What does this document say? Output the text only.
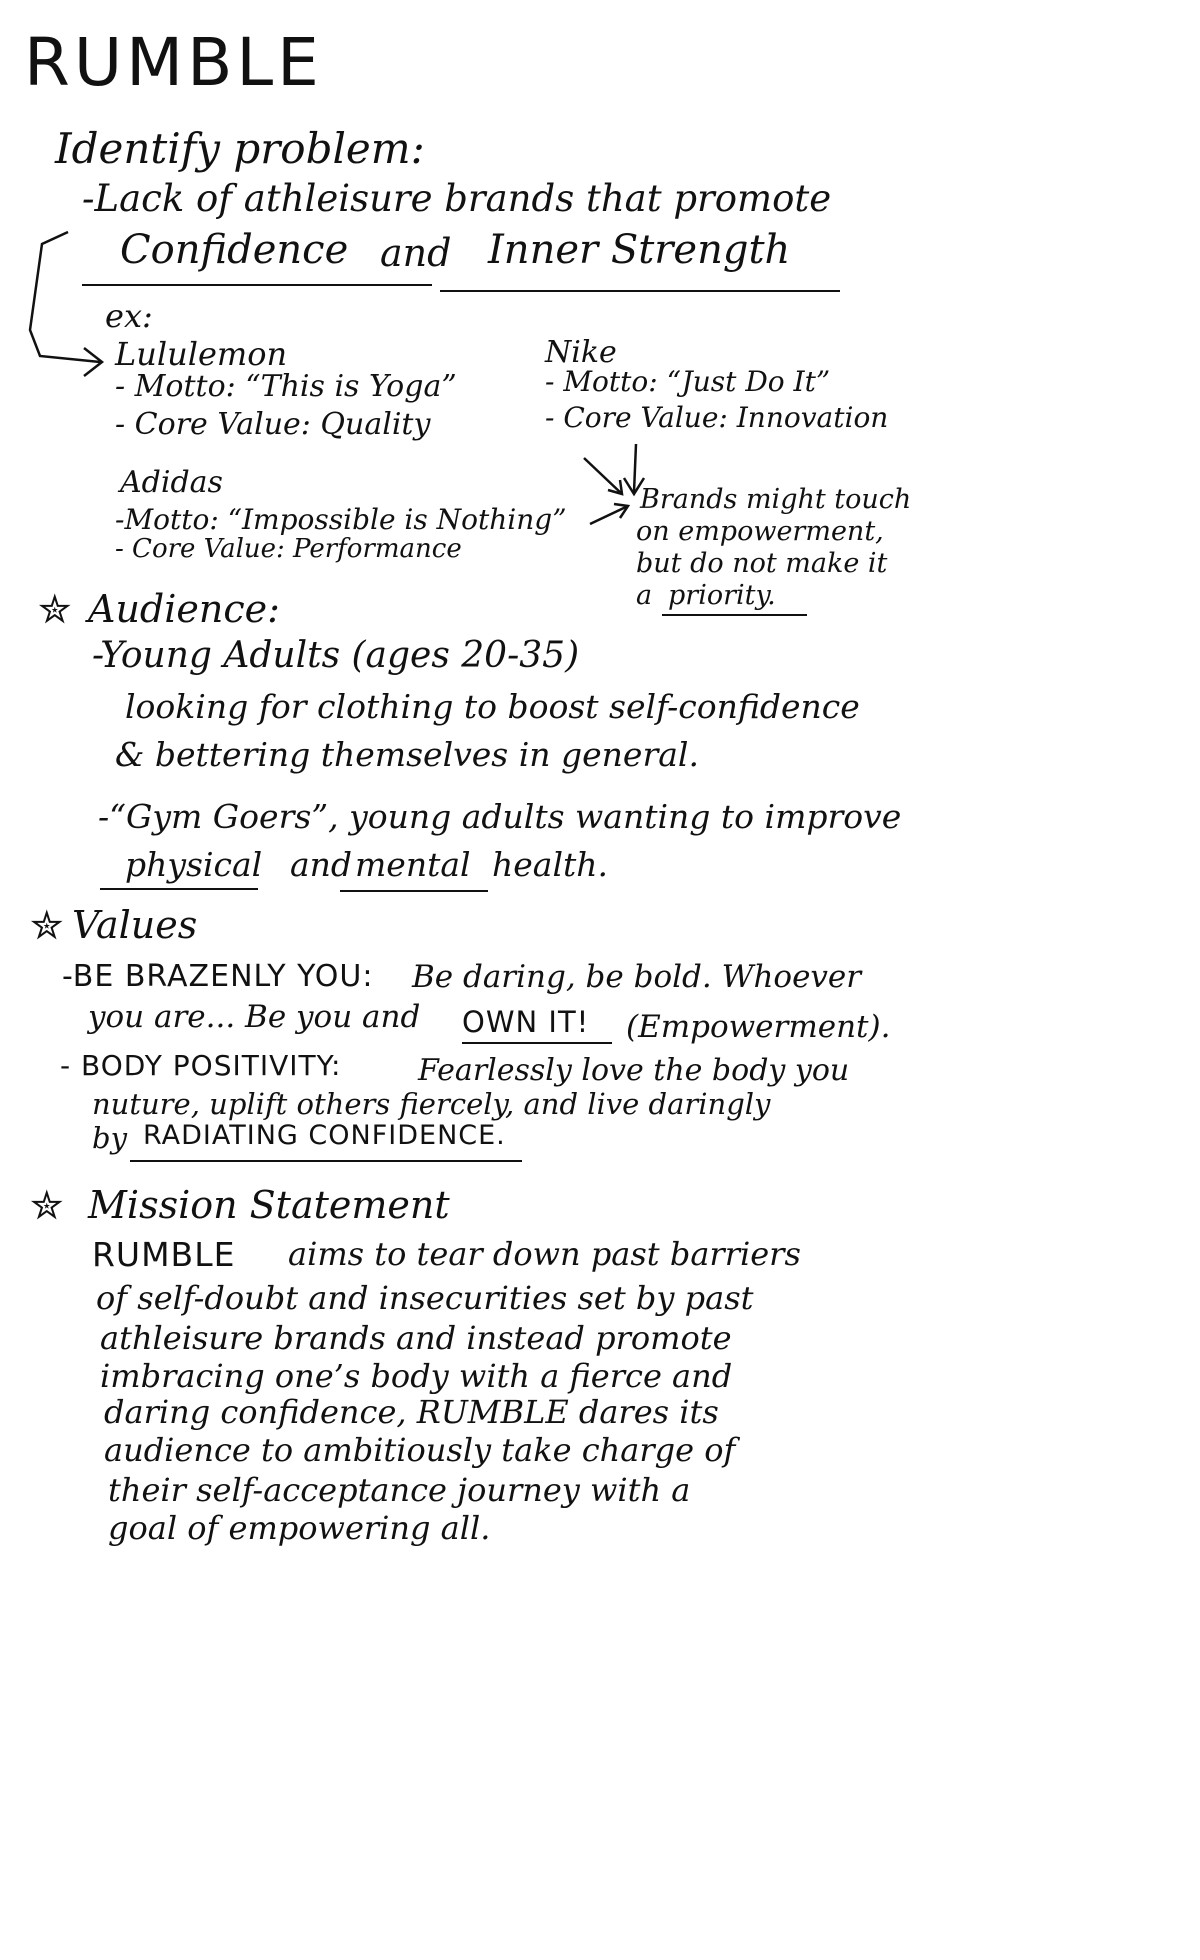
RUMBLE
Identify problem:
-Lack of athleisure brands that promote
Confidence and Inner Strength
ex:
Lululemon
- Motto: “This is Yoga”
- Core Value: Quality
Nike
- Motto: “Just Do It”
- Core Value: Innovation
Adidas
-Motto: “Impossible is Nothing”
- Core Value: Performance
Brands might touch
on empowerment,
but do not make it
a priority.
✮ Audience:
-Young Adults (ages 20-35)
looking for clothing to boost self-confidence
& bettering themselves in general.
-“Gym Goers”, young adults wanting to improve
physical and mental health.
✮ Values
-BE BRAZENLY YOU: Be daring, be bold. Whoever
you are... Be you and OWN IT! (Empowerment).
- BODY POSITIVITY:	Fearlessly love the body you
nuture, uplift others fiercely, and live daringly
by RADIATING CONFIDENCE.
✮ Mission Statement
RUMBLE aims to tear down past barriers
of self-doubt and insecurities set by past
athleisure brands and instead promote
imbracing one’s body with a fierce and
daring confidence, RUMBLE dares its
audience to ambitiously take charge of
their self-acceptance journey with a
goal of empowering all.
